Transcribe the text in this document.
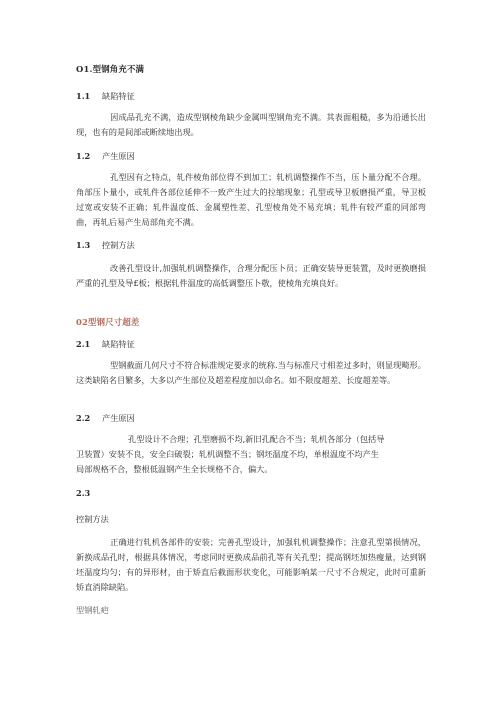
O1.型钢角充不满
1.1 缺陷特征
因成品孔充不满，造成型钢棱角缺少金属叫型钢角充不满。其表面粗糙，多为沿通长出现，也有的是间部或断续地出现。
1.2 产生原因
孔型因有之特点，轧件棱角部位得不到加工；轧机调整操作不当，压卜量分配不合理。角部压卜量小，或轧件各部位延伸不一致产生过大的拉缩现象；孔型或导卫板磨损严重，导卫板过宽或安装不正确；轧件温度低、金属塑性差、孔型棱角处不易充填；轧件有较严重的同部弯曲，再轧后易产生局部角充不满。
1.3 控制方法
改善孔型设计,加强轧机调整操作，合理分配压卜员；正确安装导更装置，及时更换磨损严重的孔型及导£板；根据轧件温度的高低调整压卜敬，使棱角充填良好。
02型钢尺寸超差
2.1 缺陷特征
型钢截面几何尺寸不符合标准规定要求的统称.当与标准尺寸相差过多时，则显现畸形。这类缺陷名目繁多，大多以产生部位及超差程度加以命名。如不限度超差、长度超差等。
2.2 产生原因
孔型设计不合理；孔型磨损不均,新旧孔配合不当；轧机各部分（包括导
卫装置）安装不良，安全臼破裂；轧机调整不当；钢坯温度不均，单根温度不均产生
局部规格不合，整根低温钢产生全长规格不合，偏大。
2.3
控制方法
正确进行轧机各部件的安装；完善孔型设计，加强轧机调整操作；注意孔型第损情况，新换成品孔时，根据具体情况，考虑同时更换成品前孔等有关孔型；提高钢坯加热瘦量，达到钢坯温度均匀；有的异形材，由于矫直后截面形状变化，可能影响某一尺寸不合规定，此时可重新矫直消除缺陷。
型钢轧疤
